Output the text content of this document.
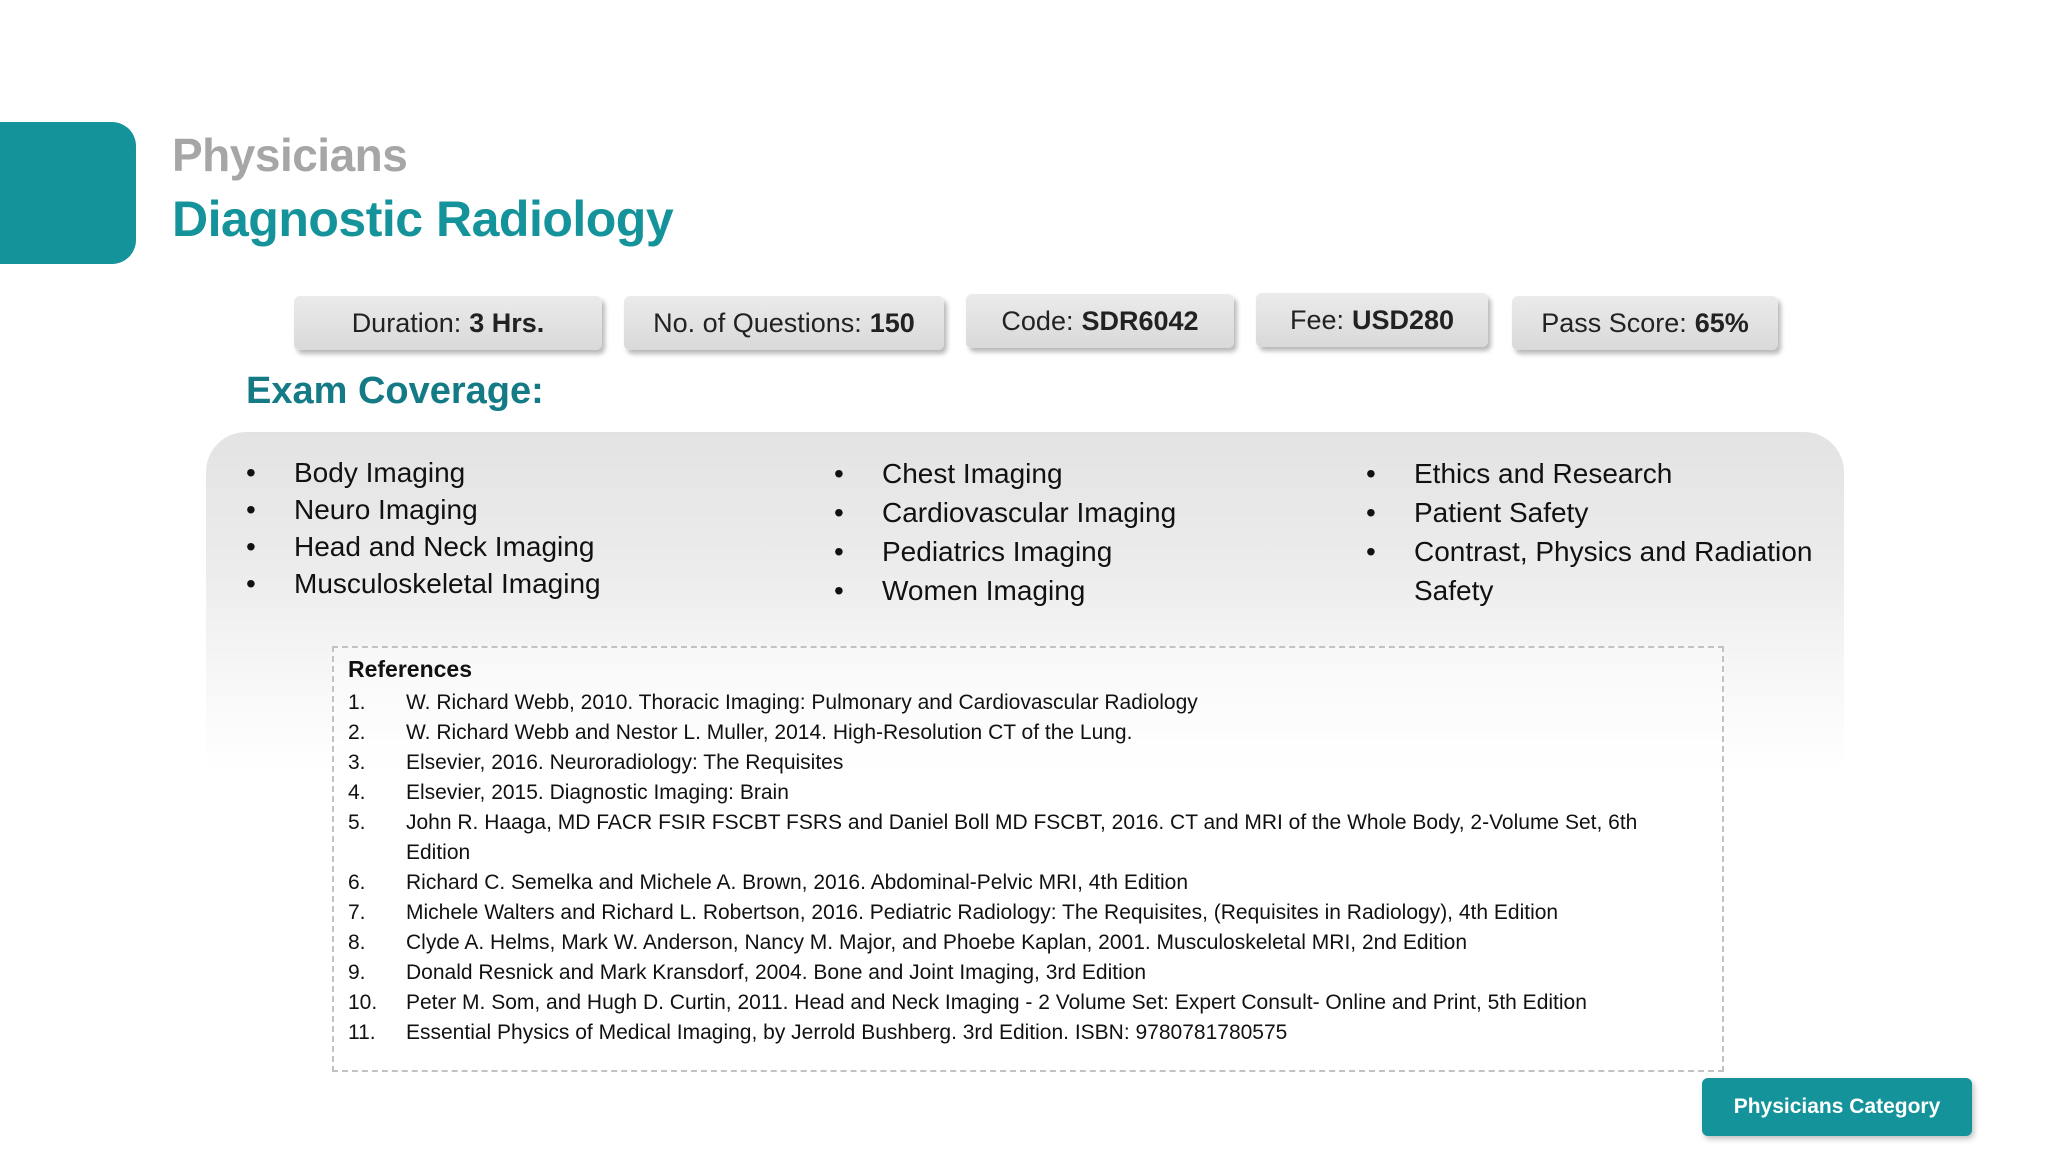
Physicians
Diagnostic Radiology
Duration: 3 Hrs.	No. of Questions: 150	Code: SDR6042	Fee: USD280	Pass Score: 65%
Exam Coverage:
• Body Imaging
• Neuro Imaging
• Head and Neck Imaging
• Musculoskeletal Imaging
• Chest Imaging
• Cardiovascular Imaging
• Pediatrics Imaging
• Women Imaging
• Ethics and Research
• Patient Safety
• Contrast, Physics and Radiation Safety
References
1. W. Richard Webb, 2010. Thoracic Imaging: Pulmonary and Cardiovascular Radiology
2. W. Richard Webb and Nestor L. Muller, 2014. High-Resolution CT of the Lung.
3. Elsevier, 2016. Neuroradiology: The Requisites
4. Elsevier, 2015. Diagnostic Imaging: Brain
5. John R. Haaga, MD FACR FSIR FSCBT FSRS and Daniel Boll MD FSCBT, 2016. CT and MRI of the Whole Body, 2-Volume Set, 6th Edition
6. Richard C. Semelka and Michele A. Brown, 2016. Abdominal-Pelvic MRI, 4th Edition
7. Michele Walters and Richard L. Robertson, 2016. Pediatric Radiology: The Requisites, (Requisites in Radiology), 4th Edition
8. Clyde A. Helms, Mark W. Anderson, Nancy M. Major, and Phoebe Kaplan, 2001. Musculoskeletal MRI, 2nd Edition
9. Donald Resnick and Mark Kransdorf, 2004. Bone and Joint Imaging, 3rd Edition
10. Peter M. Som, and Hugh D. Curtin, 2011. Head and Neck Imaging - 2 Volume Set: Expert Consult- Online and Print, 5th Edition
11. Essential Physics of Medical Imaging, by Jerrold Bushberg. 3rd Edition. ISBN: 9780781780575
Physicians Category
